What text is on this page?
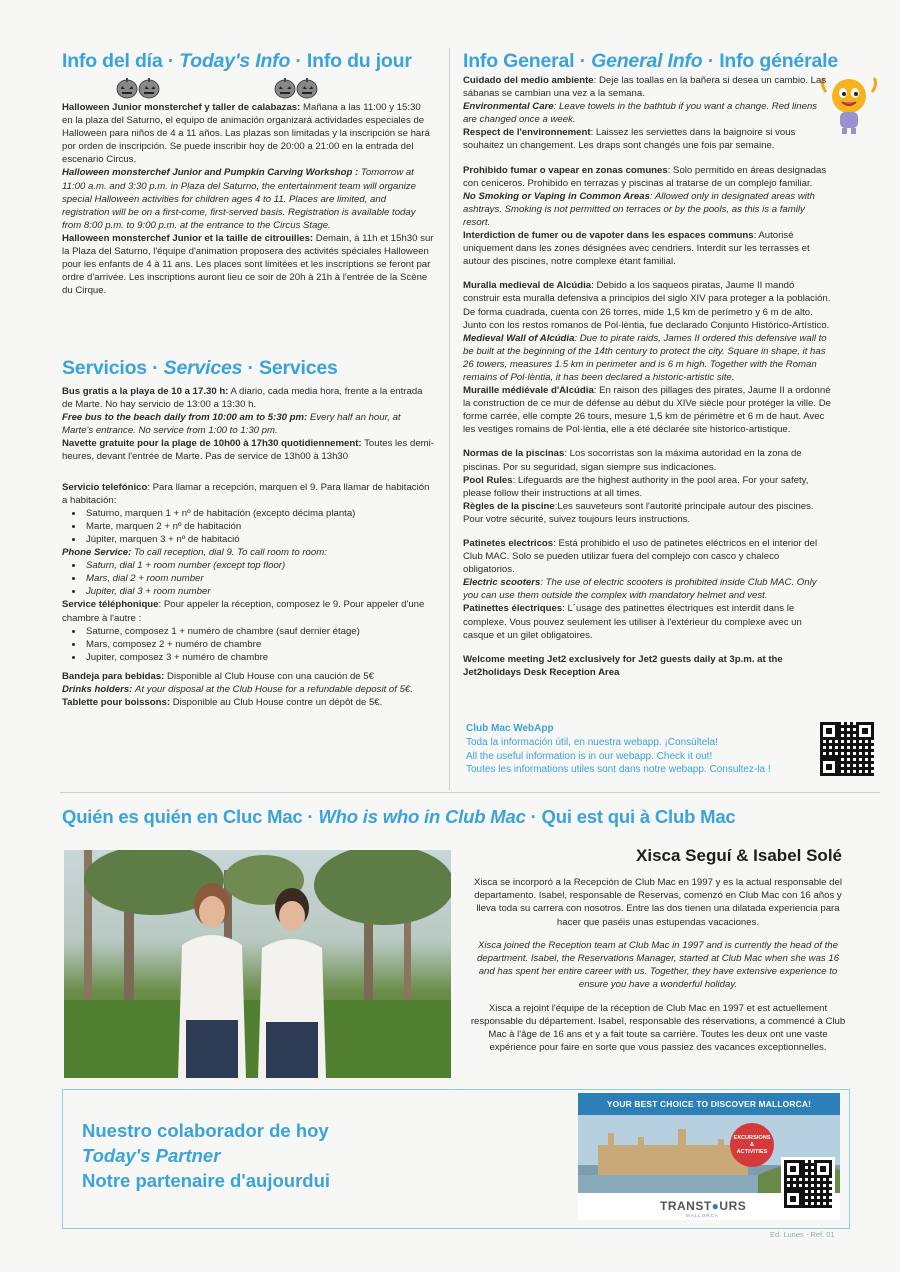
Info del día · Today's Info · Info du jour

Halloween Junior monsterchef y taller de calabazas: Mañana a las 11:00 y 15:30 en la plaza del Saturno, el equipo de animación organizará actividades especiales de Halloween para niños de 4 a 11 años. Las plazas son limitadas y la inscripción se hará por orden de inscripción. Se puede inscribir hoy de 20:00 a 21:00 en la entrada del escenario Circus.

Halloween monsterchef Junior and Pumpkin Carving Workshop : Tomorrow at 11:00 a.m. and 3:30 p.m. in Plaza del Saturno, the entertainment team will organize special Halloween activities for children ages 4 to 11. Places are limited, and registration will be on a first-come, first-served basis. Registration is available today from 8:00 p.m. to 9:00 p.m. at the entrance to the Circus Stage.

Halloween monsterchef Junior et la taille de citrouilles: Demain, à 11h et 15h30 sur la Plaza del Saturno, l'équipe d'animation proposera des activités spéciales Halloween pour les enfants de 4 à 11 ans. Les places sont limitées et les inscriptions se feront par ordre d'arrivée. Les inscriptions auront lieu ce soir de 20h à 21h à l'entrée de la Scène du Cirque.

Servicios · Services · Services

Bus gratis a la playa de 10 a 17.30 h: A diario, cada media hora, frente a la entrada de Marte. No hay servicio de 13:00 a 13:30 h.

Free bus to the beach daily from 10:00 am to 5:30 pm: Every half an hour, at Marte's entrance. No service from 1:00 to 1:30 pm.

Navette gratuite pour la plage de 10h00 à 17h30 quotidiennement: Toutes les demi-heures, devant l'entrée de Marte. Pas de service de 13h00 à 13h30

Servicio telefónico: Para llamar a recepción, marquen el 9. Para llamar de habitación a habitación:

• Saturno, marquen 1 + nº de habitación (excepto décima planta)
• Marte, marquen 2 + nº de habitación
• Júpiter, marquen 3 + nº de habitació

Phone Service: To call reception, dial 9. To call room to room:

• Saturn, dial 1 + room number (except top floor)
• Mars, dial 2 + room number
• Jupiter, dial 3 + room number

Service téléphonique: Pour appeler la réception, composez le 9. Pour appeler d'une chambre à l'autre :

• Saturne, composez 1 + numéro de chambre (sauf dernier étage)
• Mars, composez 2 + numéro de chambre
• Jupiter, composez 3 + numéro de chambre

Bandeja para bebidas: Disponible al Club House con una caución de 5€

Drinks holders: At your disposal at the Club House for a refundable deposit of 5€.

Tablette pour boissons: Disponible au Club House contre un dépôt de 5€.

Info General · General Info · Info générale

Cuidado del medio ambiente: Deje las toallas en la bañera si desea un cambio. Las sábanas se cambian una vez a la semana.

Environmental Care: Leave towels in the bathtub if you want a change. Red linens are changed once a week.

Respect de l'environnement: Laissez les serviettes dans la baignoire si vous souhaitez un changement. Les draps sont changés une fois par semaine.

Prohibido fumar o vapear en zonas comunes: Solo permitido en áreas designadas con ceniceros. Prohibido en terrazas y piscinas al tratarse de un complejo familiar.

No Smoking or Vaping in Common Areas: Allowed only in designated areas with ashtrays. Smoking is not permitted on terraces or by the pools, as this is a family resort.

Interdiction de fumer ou de vapoter dans les espaces communs: Autorisé uniquement dans les zones désignées avec cendriers. Interdit sur les terrasses et autour des piscines, notre complexe étant familial.

Muralla medieval de Alcúdia: Debido a los saqueos piratas, Jaume II mandó construir esta muralla defensiva a principios del siglo XIV para proteger a la población. De forma cuadrada, cuenta con 26 torres, mide 1,5 km de perímetro y 6 m de alto. Junto con los restos romanos de Pol·lèntia, fue declarado Conjunto Histórico-Artístico.

Medieval Wall of Alcúdia: Due to pirate raids, James II ordered this defensive wall to be built at the beginning of the 14th century to protect the city. Square in shape, it has 26 towers, measures 1.5 km in perimeter and is 6 m high. Together with the Roman remains of Pol·lèntia, it has been declared a historic-artistic site.

Muraille médiévale d'Alcúdia: En raison des pillages des pirates, Jaume II a ordonné la construction de ce mur de défense au début du XIVe siècle pour protéger la ville. De forme carrée, elle compte 26 tours, mesure 1,5 km de périmètre et 6 m de haut. Avec les vestiges romains de Pol·lèntia, elle a été déclarée site historico-artistique.

Normas de la piscinas: Los socorristas son la máxima autoridad en la zona de piscinas. Por su seguridad, sigan siempre sus indicaciones.

Pool Rules: Lifeguards are the highest authority in the pool area. For your safety, please follow their instructions at all times.

Règles de la piscine:Les sauveteurs sont l'autorité principale autour des piscines. Pour votre sécurité, suivez toujours leurs instructions.

Patinetes electricos: Está prohibido el uso de patinetes eléctricos en el interior del Club MAC. Solo se pueden utilizar fuera del complejo con casco y chaleco obligatorios.

Electric scooters: The use of electric scooters is prohibited inside Club MAC. Only you can use them outside the complex with mandatory helmet and vest.

Patinettes électriques: L´usage des patinettes électriques est interdit dans le complexe. Vous pouvez seulement les utiliser à l'extérieur du complexe avec un casque et un gilet obligatoires.

Welcome meeting Jet2 exclusively for Jet2 guests daily at 3p.m. at the Jet2holidays Desk Reception Area

Club Mac WebApp
Toda la información útil, en nuestra webapp. ¡Consúltela!
All the useful information is in our webapp. Check it out!
Toutes les informations utiles sont dans notre webapp. Consultez-la !
Quién es quién en Cluc Mac · Who is who in Club Mac · Qui est qui à Club Mac
Xisca Seguí & Isabel Solé

Xisca se incorporó a la Recepción de Club Mac en 1997 y es la actual responsable del departamento. Isabel, responsable de Reservas, comenzó en Club Mac con 16 años y lleva toda su carrera con nosotros. Entre las dos tienen una dilatada experiencia para hacer que paséis unas estupendas vacaciones.

Xisca joined the Reception team at Club Mac in 1997 and is currently the head of the department. Isabel, the Reservations Manager, started at Club Mac when she was 16 and has spent her entire career with us. Together, they have extensive experience to ensure you have a wonderful holiday.

Xisca a rejoint l'équipe de la réception de Club Mac en 1997 et est actuellement responsable du département. Isabel, responsable des réservations, a commencé à Club Mac à l'âge de 16 ans et y a fait toute sa carrière. Toutes les deux ont une vaste expérience pour faire en sorte que vous passiez des vacances exceptionnelles.

Nuestro colaborador de hoy
Today's Partner
Notre partenaire d'aujourdui
YOUR BEST CHOICE TO DISCOVER MALLORCA!
EXCURSIONS
&
ACTIVITIES
TRANST●URS
MALLORCA
Ed. Lunes - Ref. 01
